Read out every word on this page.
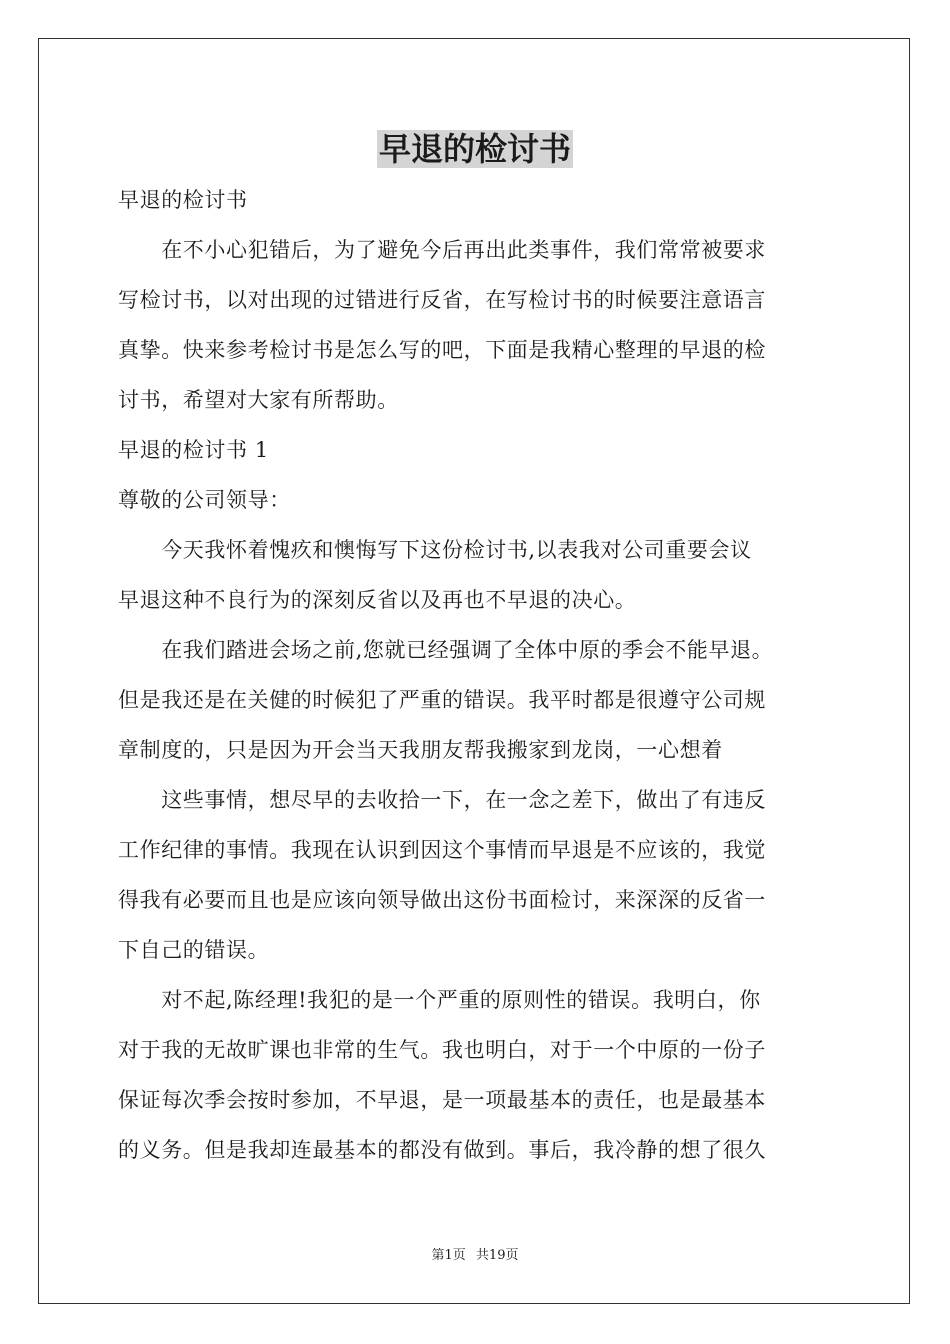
早退的检讨书
早退的检讨书
　　在不小心犯错后，为了避免今后再出此类事件，我们常常被要求
写检讨书，以对出现的过错进行反省，在写检讨书的时候要注意语言
真挚。快来参考检讨书是怎么写的吧，下面是我精心整理的早退的检
讨书，希望对大家有所帮助。
早退的检讨书 1
尊敬的公司领导：
　　今天我怀着愧疚和懊悔写下这份检讨书,以表我对公司重要会议
早退这种不良行为的深刻反省以及再也不早退的决心。
　　在我们踏进会场之前,您就已经强调了全体中原的季会不能早退。
但是我还是在关健的时候犯了严重的错误。我平时都是很遵守公司规
章制度的，只是因为开会当天我朋友帮我搬家到龙岗，一心想着
　　这些事情，想尽早的去收拾一下，在一念之差下，做出了有违反
工作纪律的事情。我现在认识到因这个事情而早退是不应该的，我觉
得我有必要而且也是应该向领导做出这份书面检讨，来深深的反省一
下自己的错误。
　　对不起,陈经理!我犯的是一个严重的原则性的错误。我明白，你
对于我的无故旷课也非常的生气。我也明白，对于一个中原的一份子
保证每次季会按时参加，不早退，是一项最基本的责任，也是最基本
的义务。但是我却连最基本的都没有做到。事后，我冷静的想了很久
第1页 共19页
